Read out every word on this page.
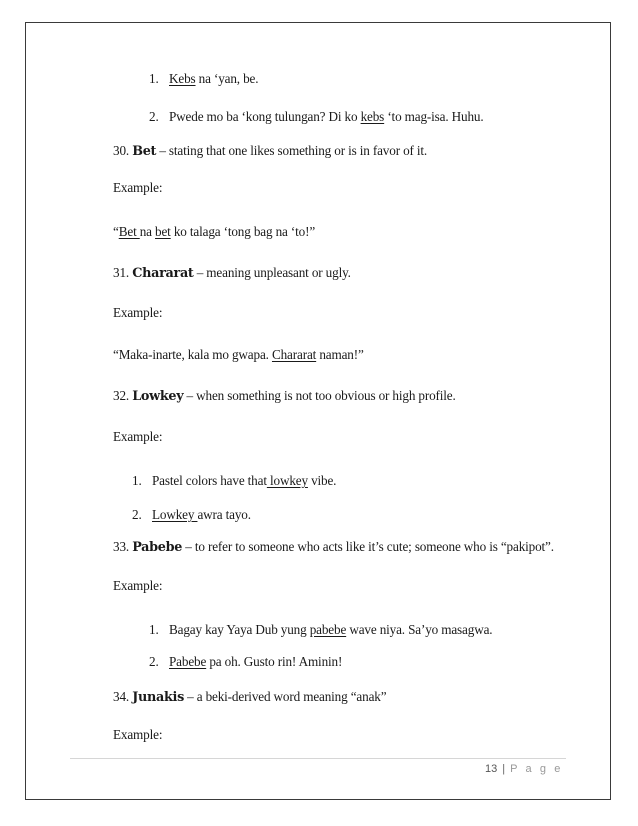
1. Kebs na ‘yan, be.
2. Pwede mo ba ‘kong tulungan? Di ko kebs ‘to mag-isa. Huhu.
30. Bet – stating that one likes something or is in favor of it.
Example:
“Bet na bet ko talaga ‘tong bag na ‘to!”
31. Chararat – meaning unpleasant or ugly.
Example:
“Maka-inarte, kala mo gwapa. Chararat naman!”
32. Lowkey – when something is not too obvious or high profile.
Example:
1. Pastel colors have that lowkey vibe.
2. Lowkey awra tayo.
33. Pabebe – to refer to someone who acts like it’s cute; someone who is “pakipot”.
Example:
1. Bagay kay Yaya Dub yung pabebe wave niya. Sa’yo masagwa.
2. Pabebe pa oh. Gusto rin! Aminin!
34. Junakis – a beki-derived word meaning “anak”
Example:
13 | P a g e
